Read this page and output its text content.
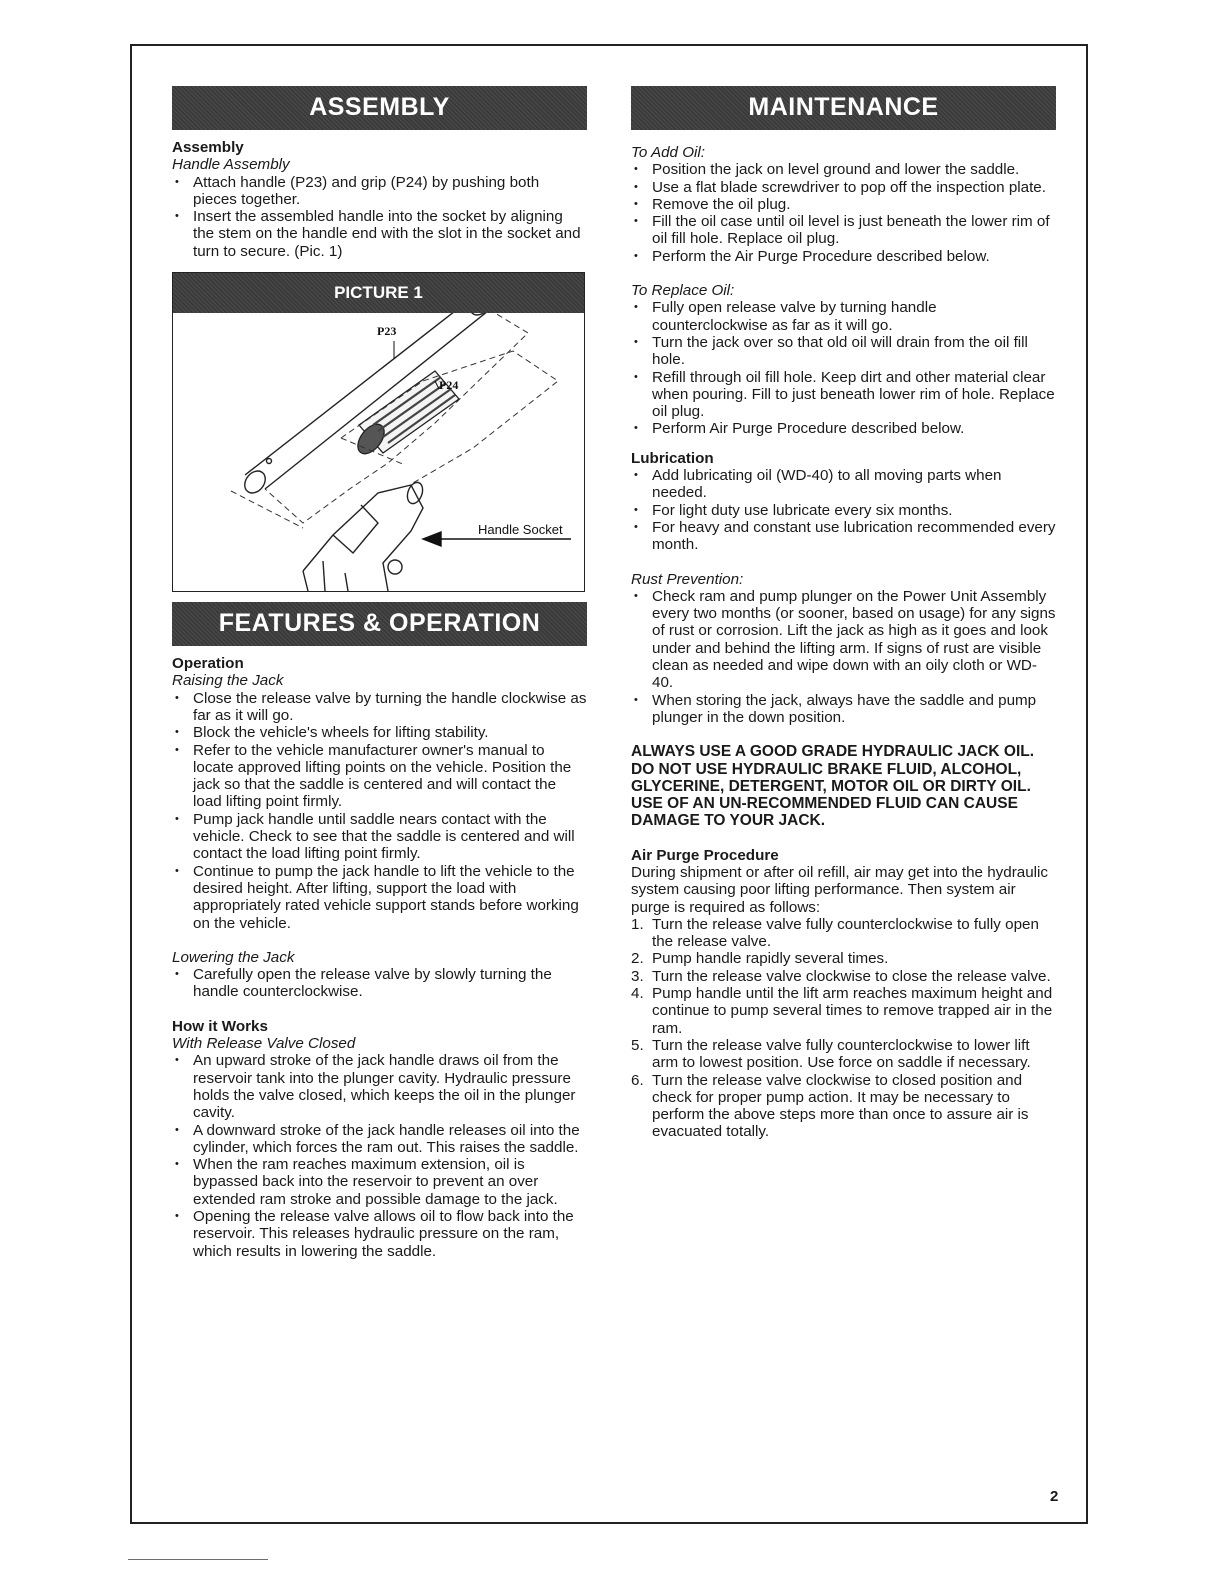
ASSEMBLY
Assembly
Handle Assembly
• Attach handle (P23) and grip (P24) by pushing both pieces together.
• Insert the assembled handle into the socket by aligning the stem on the handle end with the slot in the socket and turn to secure. (Pic. 1)
PICTURE 1
P23
P24
Handle Socket
FEATURES & OPERATION
Operation
Raising the Jack
• Close the release valve by turning the handle clockwise as far as it will go.
• Block the vehicle's wheels for lifting stability.
• Refer to the vehicle manufacturer owner's manual to locate approved lifting points on the vehicle. Position the jack so that the saddle is centered and will contact the load lifting point firmly.
• Pump jack handle until saddle nears contact with the vehicle. Check to see that the saddle is centered and will contact the load lifting point firmly.
• Continue to pump the jack handle to lift the vehicle to the desired height. After lifting, support the load with appropriately rated vehicle support stands before working on the vehicle.
Lowering the Jack
• Carefully open the release valve by slowly turning the handle counterclockwise.
How it Works
With Release Valve Closed
• An upward stroke of the jack handle draws oil from the reservoir tank into the plunger cavity. Hydraulic pressure holds the valve closed, which keeps the oil in the plunger cavity.
• A downward stroke of the jack handle releases oil into the cylinder, which forces the ram out. This raises the saddle.
• When the ram reaches maximum extension, oil is bypassed back into the reservoir to prevent an over extended ram stroke and possible damage to the jack.
• Opening the release valve allows oil to flow back into the reservoir. This releases hydraulic pressure on the ram, which results in lowering the saddle.
MAINTENANCE
To Add Oil:
• Position the jack on level ground and lower the saddle.
• Use a flat blade screwdriver to pop off the inspection plate.
• Remove the oil plug.
• Fill the oil case until oil level is just beneath the lower rim of oil fill hole. Replace oil plug.
• Perform the Air Purge Procedure described below.
To Replace Oil:
• Fully open release valve by turning handle counterclockwise as far as it will go.
• Turn the jack over so that old oil will drain from the oil fill hole.
• Refill through oil fill hole. Keep dirt and other material clear when pouring. Fill to just beneath lower rim of hole. Replace oil plug.
• Perform Air Purge Procedure described below.
Lubrication
• Add lubricating oil (WD-40) to all moving parts when needed.
• For light duty use lubricate every six months.
• For heavy and constant use lubrication recommended every month.
Rust Prevention:
• Check ram and pump plunger on the Power Unit Assembly every two months (or sooner, based on usage) for any signs of rust or corrosion. Lift the jack as high as it goes and look under and behind the lifting arm. If signs of rust are visible clean as needed and wipe down with an oily cloth or WD-40.
• When storing the jack, always have the saddle and pump plunger in the down position.
ALWAYS USE A GOOD GRADE HYDRAULIC JACK OIL. DO NOT USE HYDRAULIC BRAKE FLUID, ALCOHOL, GLYCERINE, DETERGENT, MOTOR OIL OR DIRTY OIL. USE OF AN UN-RECOMMENDED FLUID CAN CAUSE DAMAGE TO YOUR JACK.
Air Purge Procedure
During shipment or after oil refill, air may get into the hydraulic system causing poor lifting performance. Then system air purge is required as follows:
1. Turn the release valve fully counterclockwise to fully open the release valve.
2. Pump handle rapidly several times.
3. Turn the release valve clockwise to close the release valve.
4. Pump handle until the lift arm reaches maximum height and continue to pump several times to remove trapped air in the ram.
5. Turn the release valve fully counterclockwise to lower lift arm to lowest position. Use force on saddle if necessary.
6. Turn the release valve clockwise to closed position and check for proper pump action. It may be necessary to perform the above steps more than once to assure air is evacuated totally.
2
